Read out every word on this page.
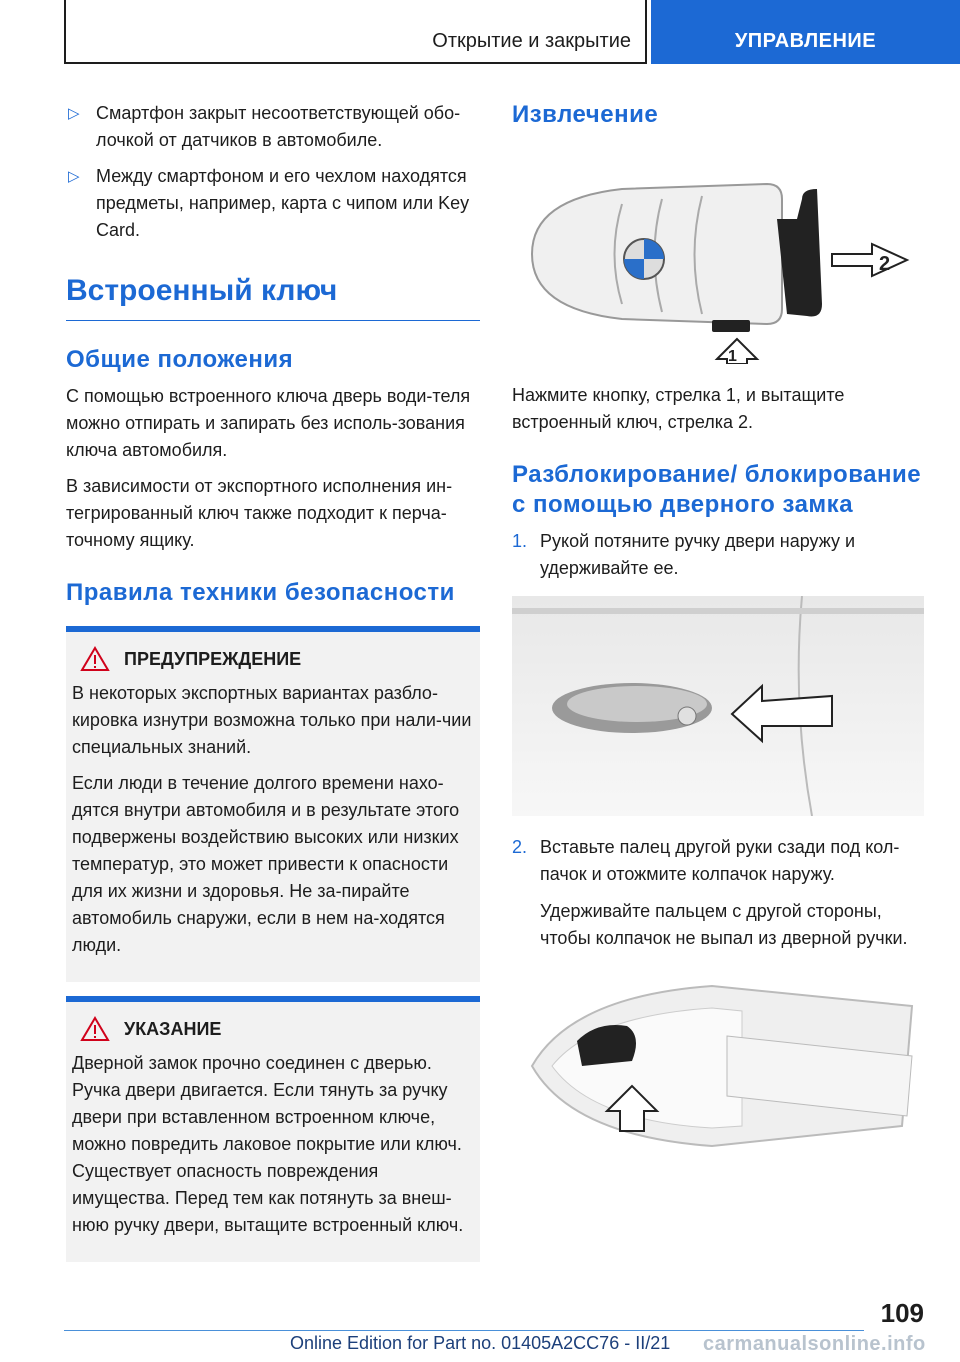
Открытие и закрытие	УПРАВЛЕНИЕ
▷ Смартфон закрыт несоответствующей обо-лочкой от датчиков в автомобиле.
▷ Между смартфоном и его чехлом находятся предметы, например, карта с чипом или Key Card.
Встроенный ключ
Общие положения

С помощью встроенного ключа дверь води-теля можно отпирать и запирать без исполь-зования ключа автомобиля.

В зависимости от экспортного исполнения ин-тегрированный ключ также подходит к перча-точному ящику.

Правила техники безопасности
ПРЕДУПРЕЖДЕНИЕ

В некоторых экспортных вариантах разбло-кировка изнутри возможна только при нали-чии специальных знаний.

Если люди в течение долгого времени нахо-дятся внутри автомобиля и в результате этого подвержены воздействию высоких или низких температур, это может привести к опасности для их жизни и здоровья. Не за-пирайте автомобиль снаружи, если в нем на-ходятся люди.

УКАЗАНИЕ

Дверной замок прочно соединен с дверью. Ручка двери двигается. Если тянуть за ручку двери при вставленном встроенном ключе, можно повредить лаковое покрытие или ключ. Существует опасность повреждения имущества. Перед тем как потянуть за внеш-нюю ручку двери, вытащите встроенный ключ.

Извлечение
2
1

Нажмите кнопку, стрелка 1, и вытащите встроенный ключ, стрелка 2.

Разблокирование/ блокирование с помощью дверного замка
1. Рукой потяните ручку двери наружу и удерживайте ее.
2. Вставьте палец другой руки сзади под кол-пачок и отожмите колпачок наружу.

Удерживайте пальцем с другой стороны, чтобы колпачок не выпал из дверной ручки.

109
Online Edition for Part no. 01405A2CC76 - II/21 carmanualsonline.info
